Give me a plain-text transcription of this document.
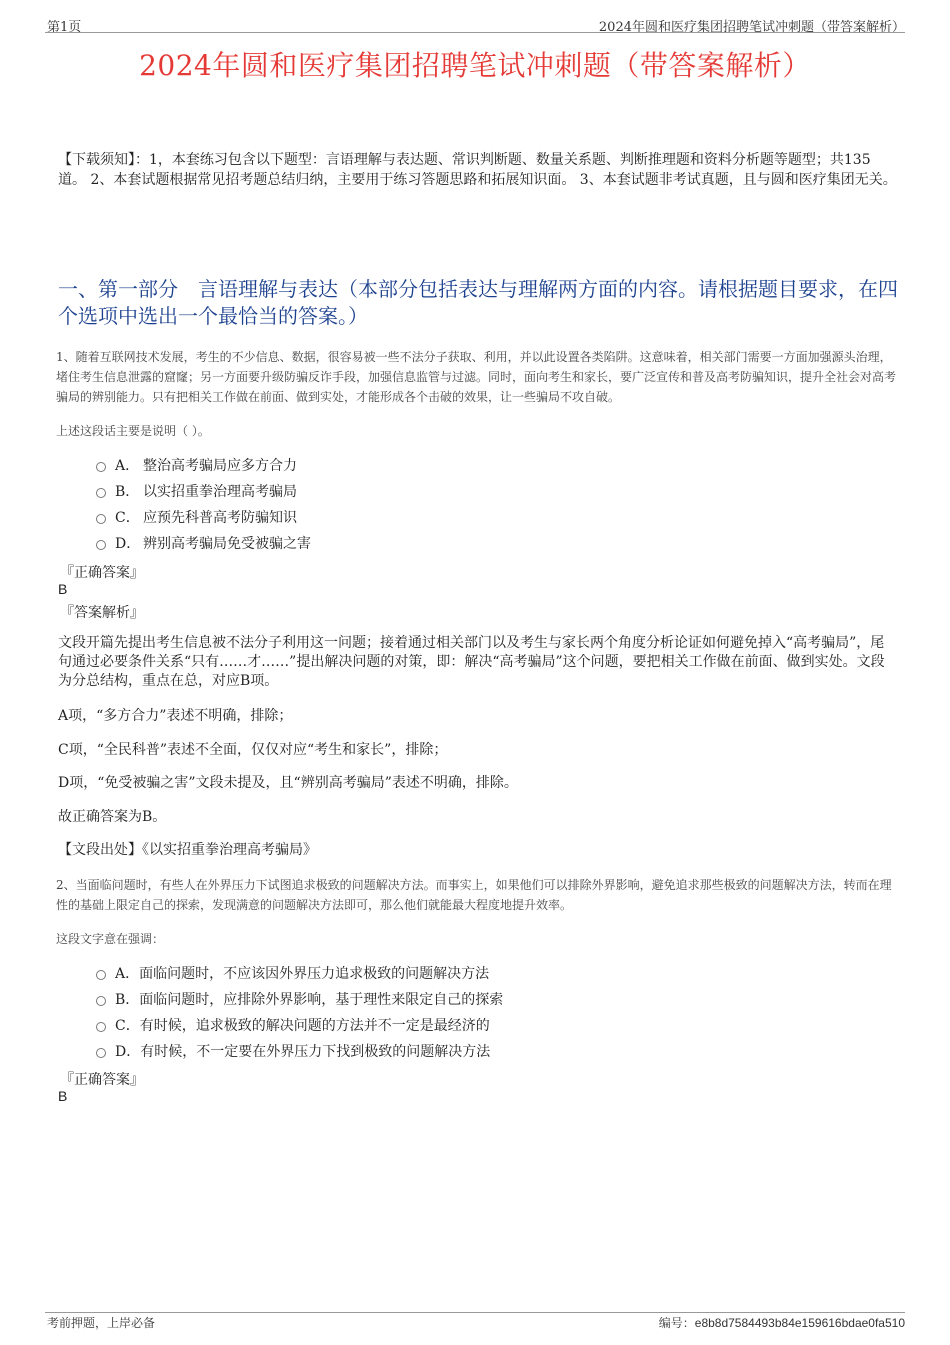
第1页	2024年圆和医疗集团招聘笔试冲刺题（带答案解析）
2024年圆和医疗集团招聘笔试冲刺题（带答案解析）
【下载须知】：1，本套练习包含以下题型：言语理解与表达题、常识判断题、数量关系题、判断推理题和资料分析题等题型；共135道。 2、本套试题根据常见招考题总结归纳，主要用于练习答题思路和拓展知识面。 3、本套试题非考试真题，且与圆和医疗集团无关。
一、第一部分　言语理解与表达（本部分包括表达与理解两方面的内容。请根据题目要求，在四个选项中选出一个最恰当的答案。）
1、随着互联网技术发展，考生的不少信息、数据，很容易被一些不法分子获取、利用，并以此设置各类陷阱。这意味着，相关部门需要一方面加强源头治理，堵住考生信息泄露的窟窿；另一方面要升级防骗反诈手段，加强信息监管与过滤。同时，面向考生和家长，要广泛宣传和普及高考防骗知识，提升全社会对高考骗局的辨别能力。只有把相关工作做在前面、做到实处，才能形成各个击破的效果，让一些骗局不攻自破。
上述这段话主要是说明（ ）。
A． 整治高考骗局应多方合力
B． 以实招重拳治理高考骗局
C． 应预先科普高考防骗知识
D． 辨别高考骗局免受被骗之害
『正确答案』
B
『答案解析』
文段开篇先提出考生信息被不法分子利用这一问题；接着通过相关部门以及考生与家长两个角度分析论证如何避免掉入“高考骗局”，尾句通过必要条件关系“只有……才……”提出解决问题的对策，即：解决“高考骗局”这个问题，要把相关工作做在前面、做到实处。文段为分总结构，重点在总，对应B项。
A项，“多方合力”表述不明确，排除；
C项，“全民科普”表述不全面，仅仅对应“考生和家长”，排除；
D项，“免受被骗之害”文段未提及，且“辨别高考骗局”表述不明确，排除。
故正确答案为B。
【文段出处】《以实招重拳治理高考骗局》
2、当面临问题时，有些人在外界压力下试图追求极致的问题解决方法。而事实上，如果他们可以排除外界影响，避免追求那些极致的问题解决方法，转而在理性的基础上限定自己的探索，发现满意的问题解决方法即可，那么他们就能最大程度地提升效率。
这段文字意在强调：
A． 面临问题时，不应该因外界压力追求极致的问题解决方法
B． 面临问题时，应排除外界影响，基于理性来限定自己的探索
C． 有时候，追求极致的解决问题的方法并不一定是最经济的
D． 有时候，不一定要在外界压力下找到极致的问题解决方法
『正确答案』
B
考前押题，上岸必备	编号：e8b8d7584493b84e159616bdae0fa510
